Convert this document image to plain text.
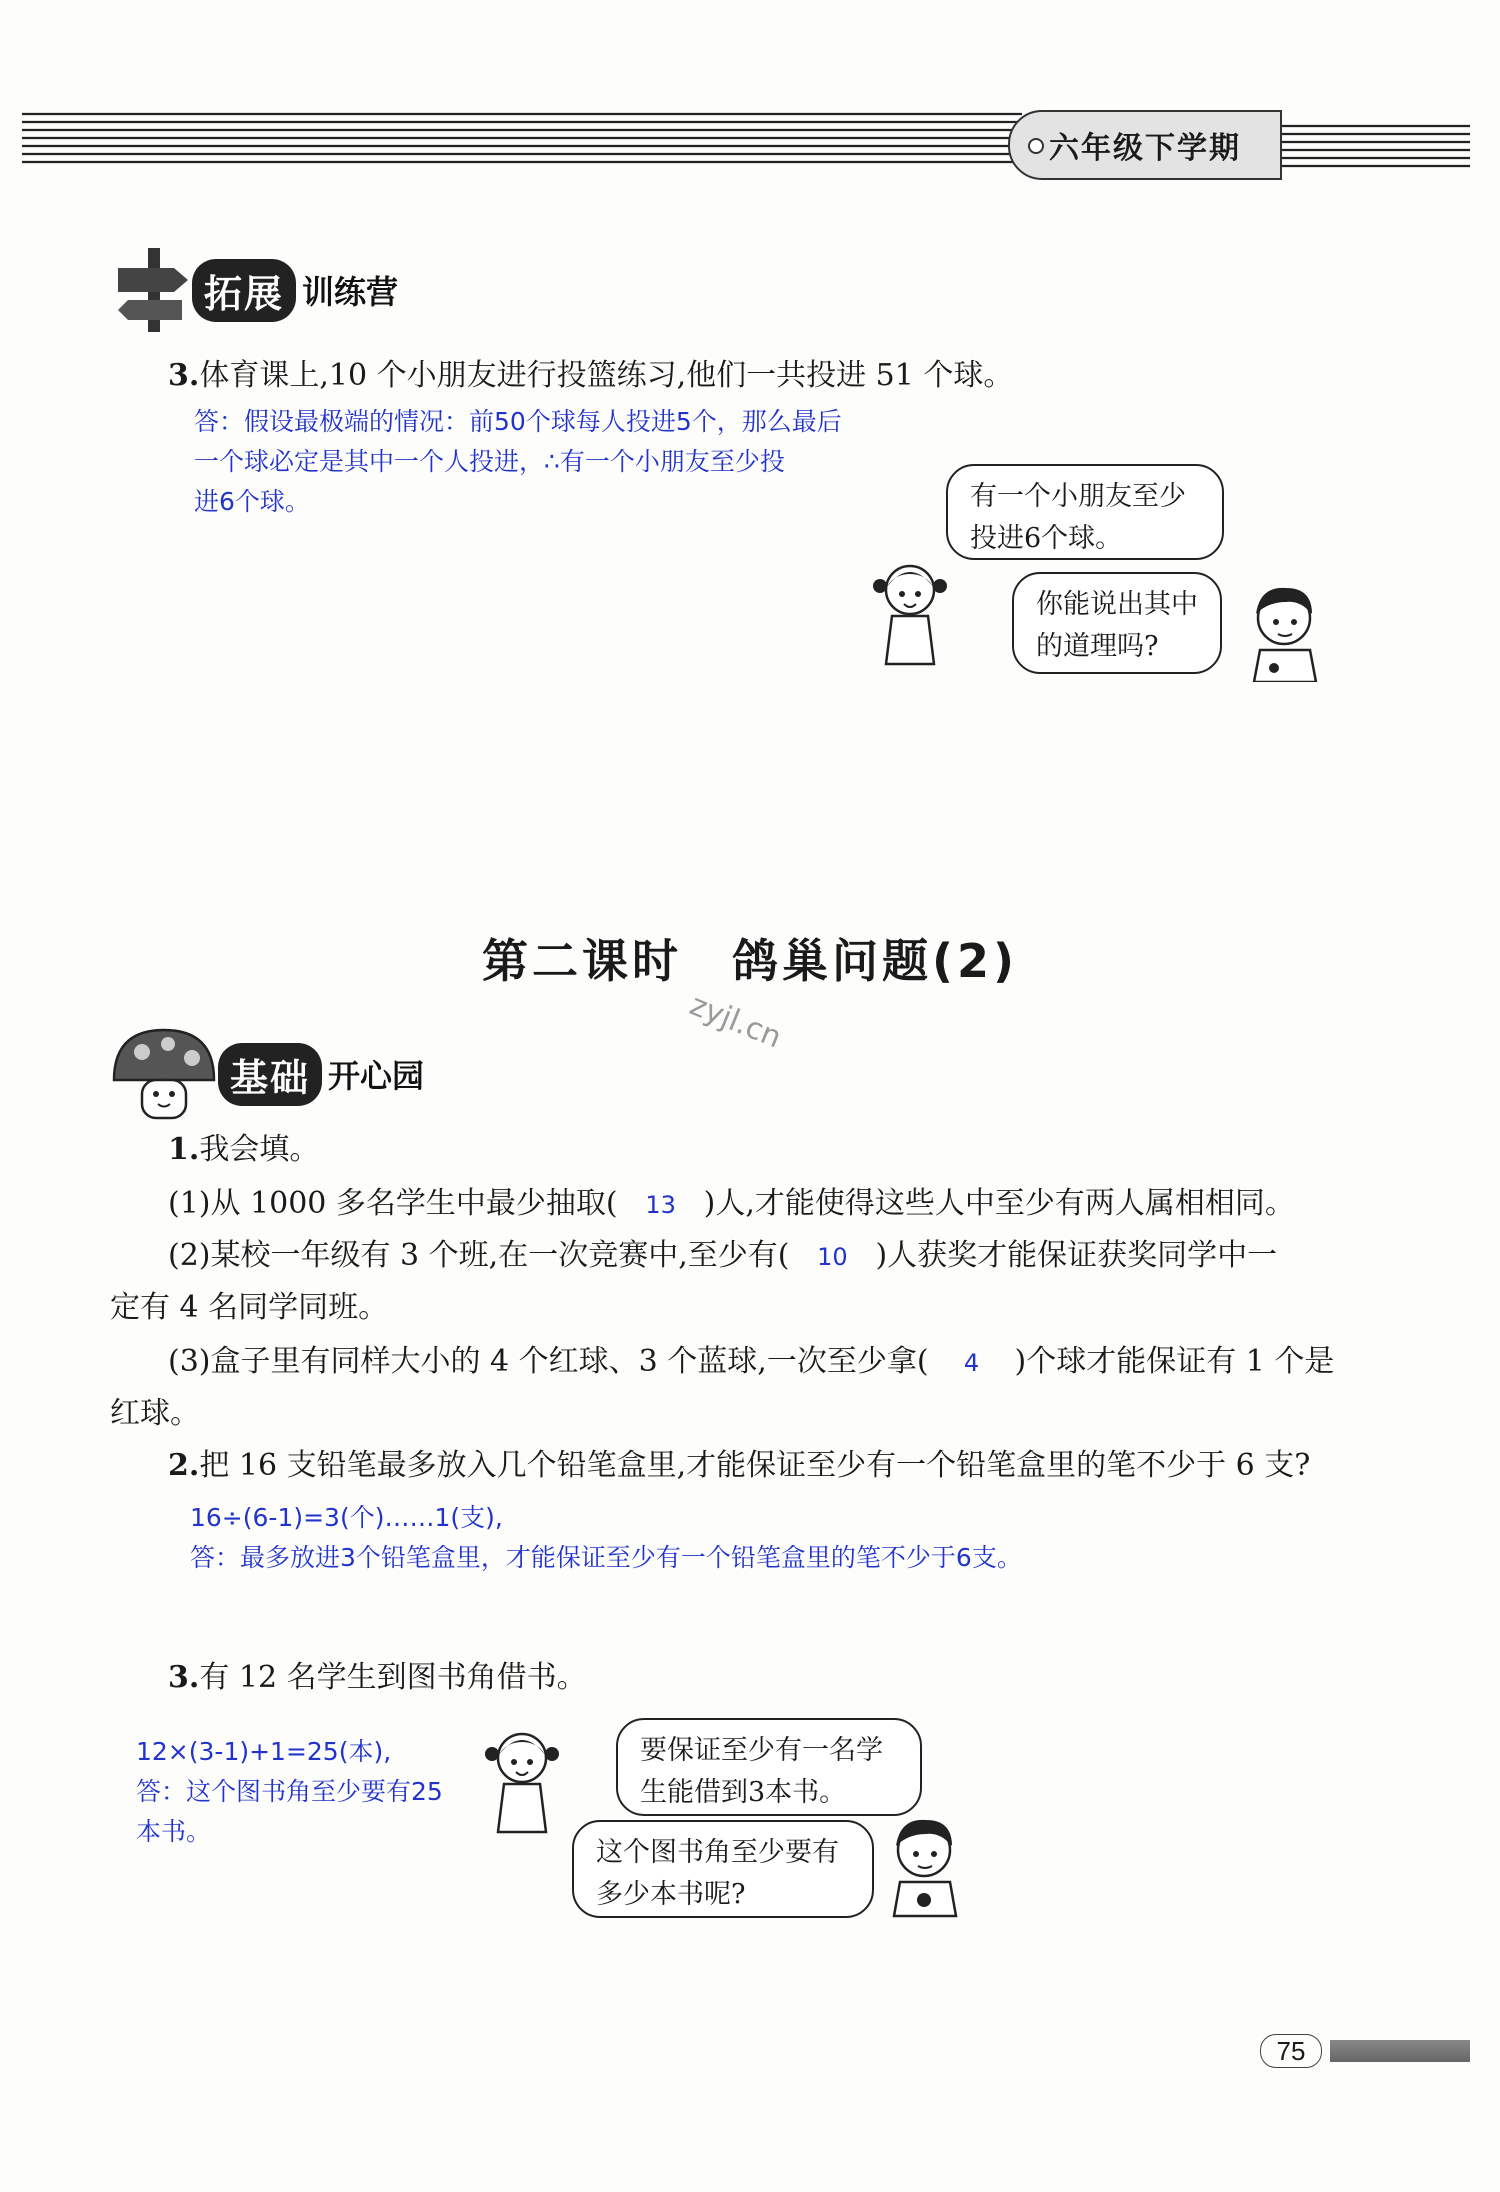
六年级下学期
拓展 训练营
3.体育课上,10 个小朋友进行投篮练习,他们一共投进 51 个球。
答：假设最极端的情况：前50个球每人投进5个，那么最后
一个球必定是其中一个人投进，∴有一个小朋友至少投
进6个球。	有一个小朋友至少投进6个球。
你能说出其中的道理吗?
第二课时　鸽巢问题(2)
zyjl.cn
基础 开心园
1.我会填。
(1)从 1000 多名学生中最少抽取( 13 )人,才能使得这些人中至少有两人属相相同。
(2)某校一年级有 3 个班,在一次竞赛中,至少有( 10 )人获奖才能保证获奖同学中一
定有 4 名同学同班。
(3)盒子里有同样大小的 4 个红球、3 个蓝球,一次至少拿( 4 )个球才能保证有 1 个是
红球。
2.把 16 支铅笔最多放入几个铅笔盒里,才能保证至少有一个铅笔盒里的笔不少于 6 支?
16÷(6-1)=3(个)……1(支),
答：最多放进3个铅笔盒里，才能保证至少有一个铅笔盒里的笔不少于6支。
3.有 12 名学生到图书角借书。
12×(3-1)+1=25(本),
答：这个图书角至少要有25
本书。
要保证至少有一名学生能借到3本书。
这个图书角至少要有多少本书呢?
75
